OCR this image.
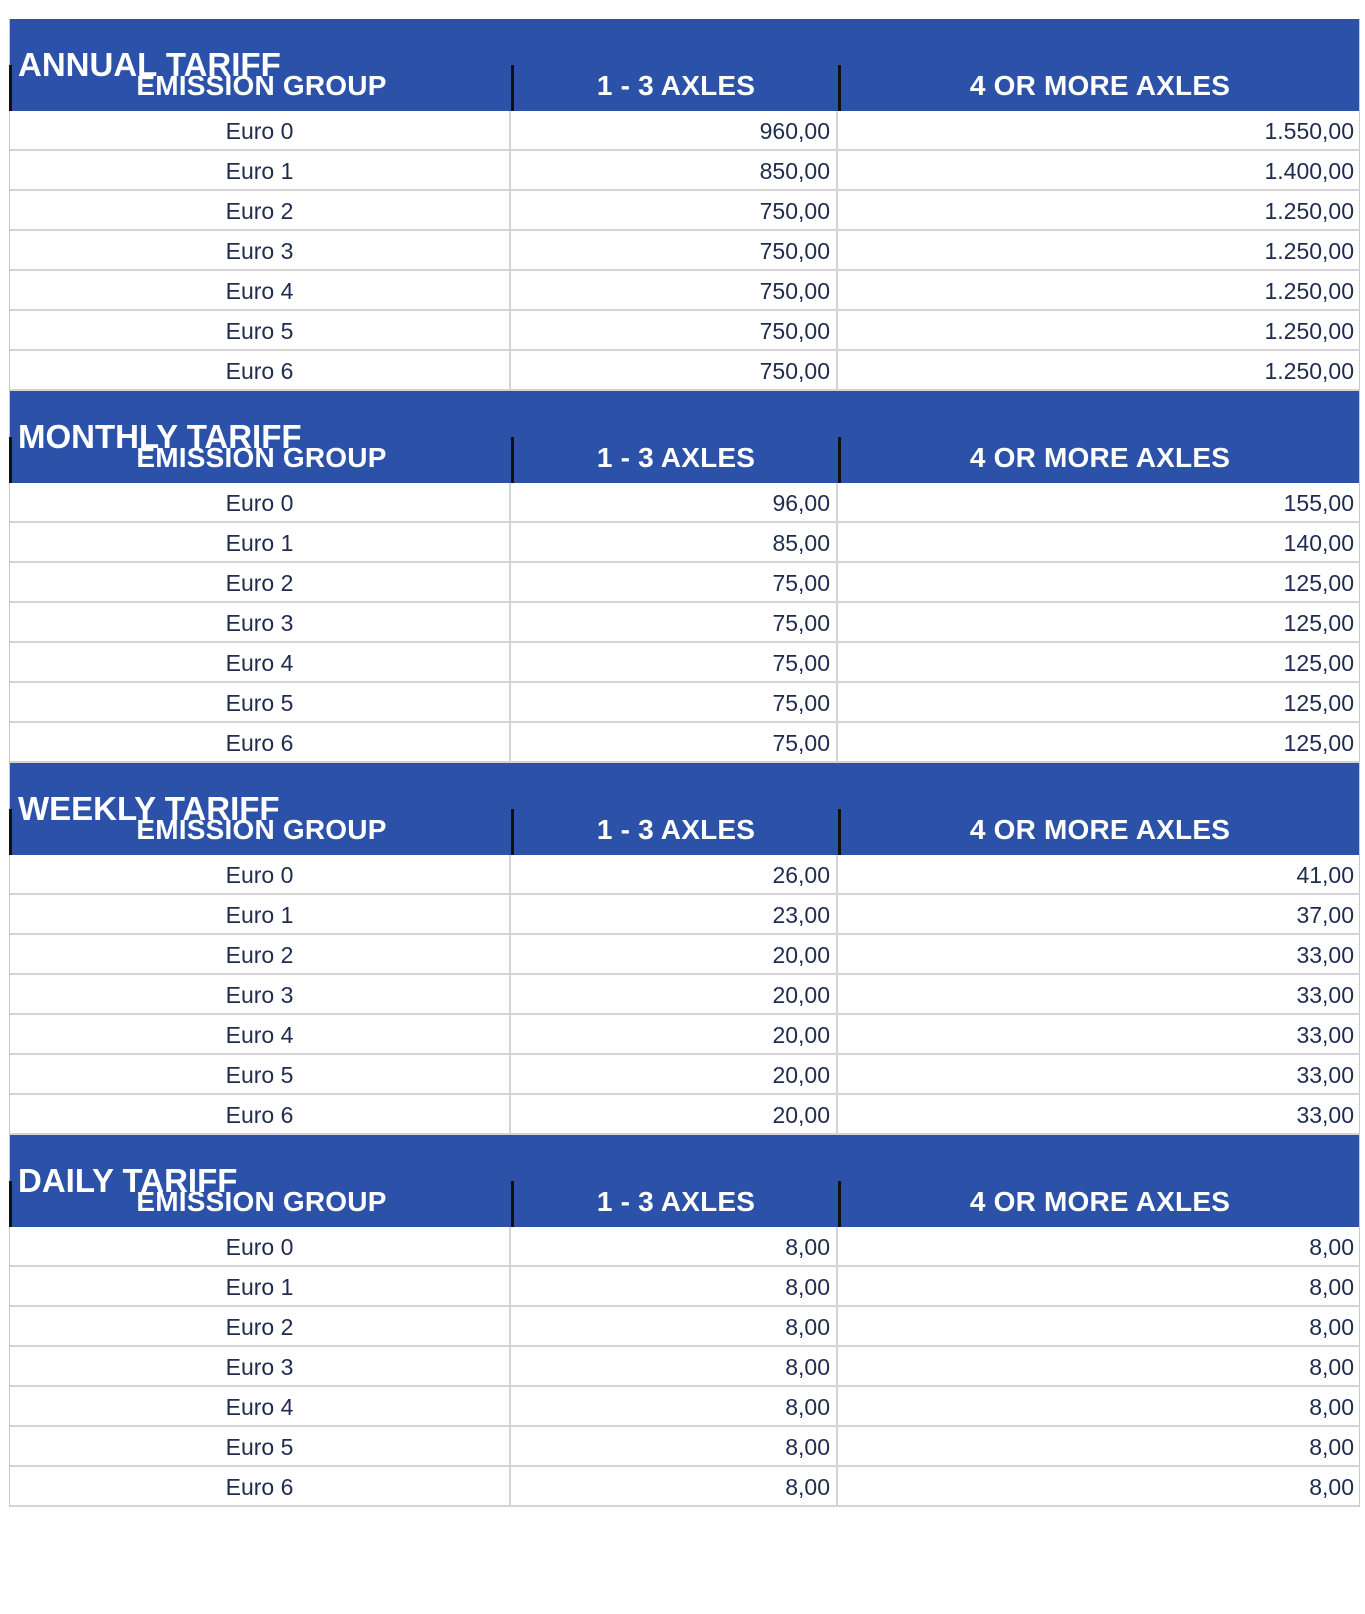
ANNUAL TARIFF
EMISSION GROUP	1 - 3 AXLES	4 OR MORE AXLES
Euro 0	960,00	1.550,00
Euro 1	850,00	1.400,00
Euro 2	750,00	1.250,00
Euro 3	750,00	1.250,00
Euro 4	750,00	1.250,00
Euro 5	750,00	1.250,00
Euro 6	750,00	1.250,00
MONTHLY TARIFF
EMISSION GROUP	1 - 3 AXLES	4 OR MORE AXLES
Euro 0	96,00	155,00
Euro 1	85,00	140,00
Euro 2	75,00	125,00
Euro 3	75,00	125,00
Euro 4	75,00	125,00
Euro 5	75,00	125,00
Euro 6	75,00	125,00
WEEKLY TARIFF
EMISSION GROUP	1 - 3 AXLES	4 OR MORE AXLES
Euro 0	26,00	41,00
Euro 1	23,00	37,00
Euro 2	20,00	33,00
Euro 3	20,00	33,00
Euro 4	20,00	33,00
Euro 5	20,00	33,00
Euro 6	20,00	33,00
DAILY TARIFF
EMISSION GROUP	1 - 3 AXLES	4 OR MORE AXLES
Euro 0	8,00	8,00
Euro 1	8,00	8,00
Euro 2	8,00	8,00
Euro 3	8,00	8,00
Euro 4	8,00	8,00
Euro 5	8,00	8,00
Euro 6	8,00	8,00
